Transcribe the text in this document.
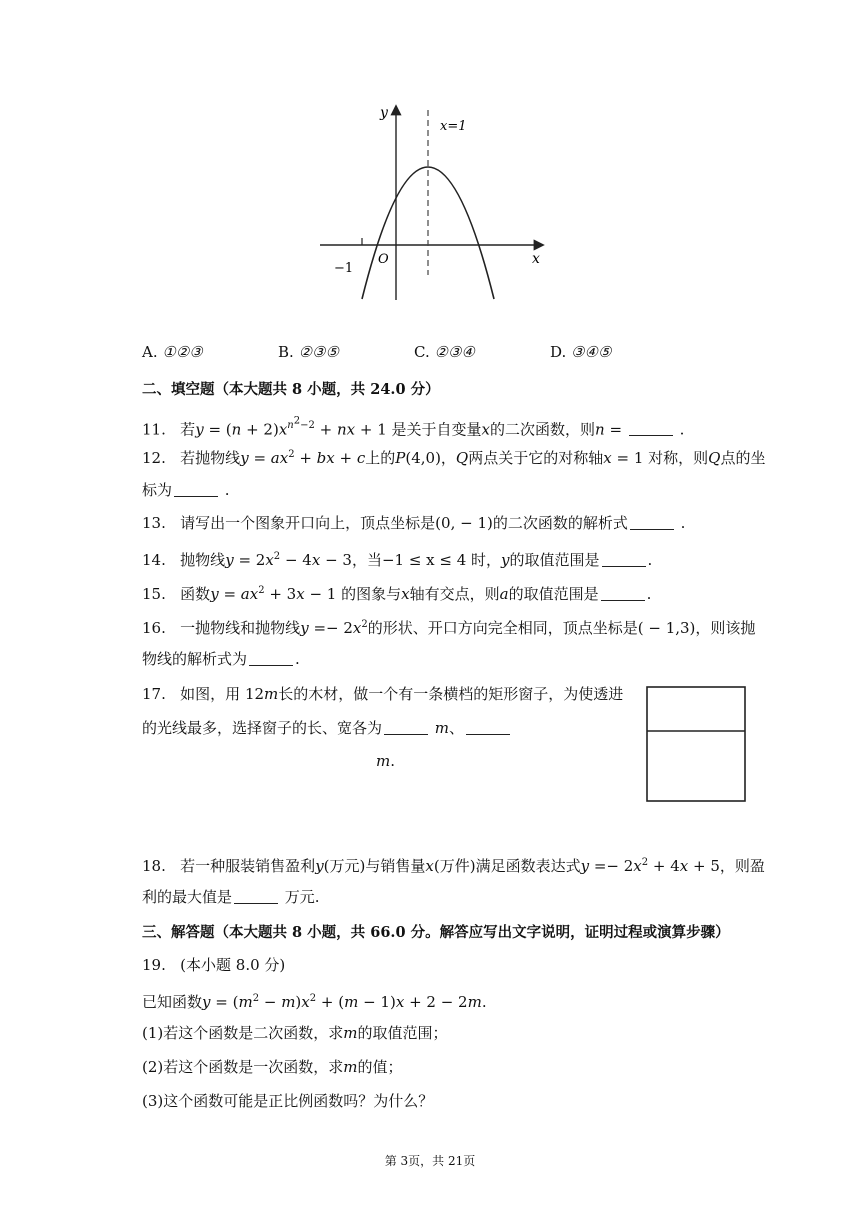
y
x
O
−1
x=1
A. ①②③	B. ②③⑤	C. ②③④	D. ③④⑤
二、填空题（本大题共 8 小题，共 24.0 分）
11. 若$y = (n + 2)x^{n^2-2}$ + nx + 1 是关于自变量x的二次函数，则n =	.
12. 若抛物线$y = ax^2$ + bx + c上的P(4,0)，Q两点关于它的对称轴x = 1 对称，则Q点的坐
标为	.
13. 请写出一个图象开口向上，顶点坐标是(0, − 1)的二次函数的解析式	.
14. 抛物线$y = 2x^2 - 4x - 3$，当−1 ≤ x ≤ 4 时，y的取值范围是	.
15. 函数$y = ax^2 + 3x - 1$ 的图象与x轴有交点，则a的取值范围是	.
16. 一抛物线和抛物线$y =- 2x^2$的形状、开口方向完全相同，顶点坐标是( − 1,3)，则该抛
物线的解析式为	.
17. 如图，用 12m长的木材，做一个有一条横档的矩形窗子，为使透进
的光线最多，选择窗子的长、宽各为	m、
m.
18. 若一种服装销售盈利y(万元)与销售量x(万件)满足函数表达式$y =- 2x^2 + 4x + 5$，则盈
利的最大值是	万元.
三、解答题（本大题共 8 小题，共 66.0 分。解答应写出文字说明，证明过程或演算步骤）
19. (本小题 8.0 分)
已知函数$y = (m^2 - m)x^2 + (m - 1)x + 2 - 2m$.
(1)若这个函数是二次函数，求m的取值范围；
(2)若这个函数是一次函数，求m的值；
(3)这个函数可能是正比例函数吗？为什么？
第 3页，共 21页
